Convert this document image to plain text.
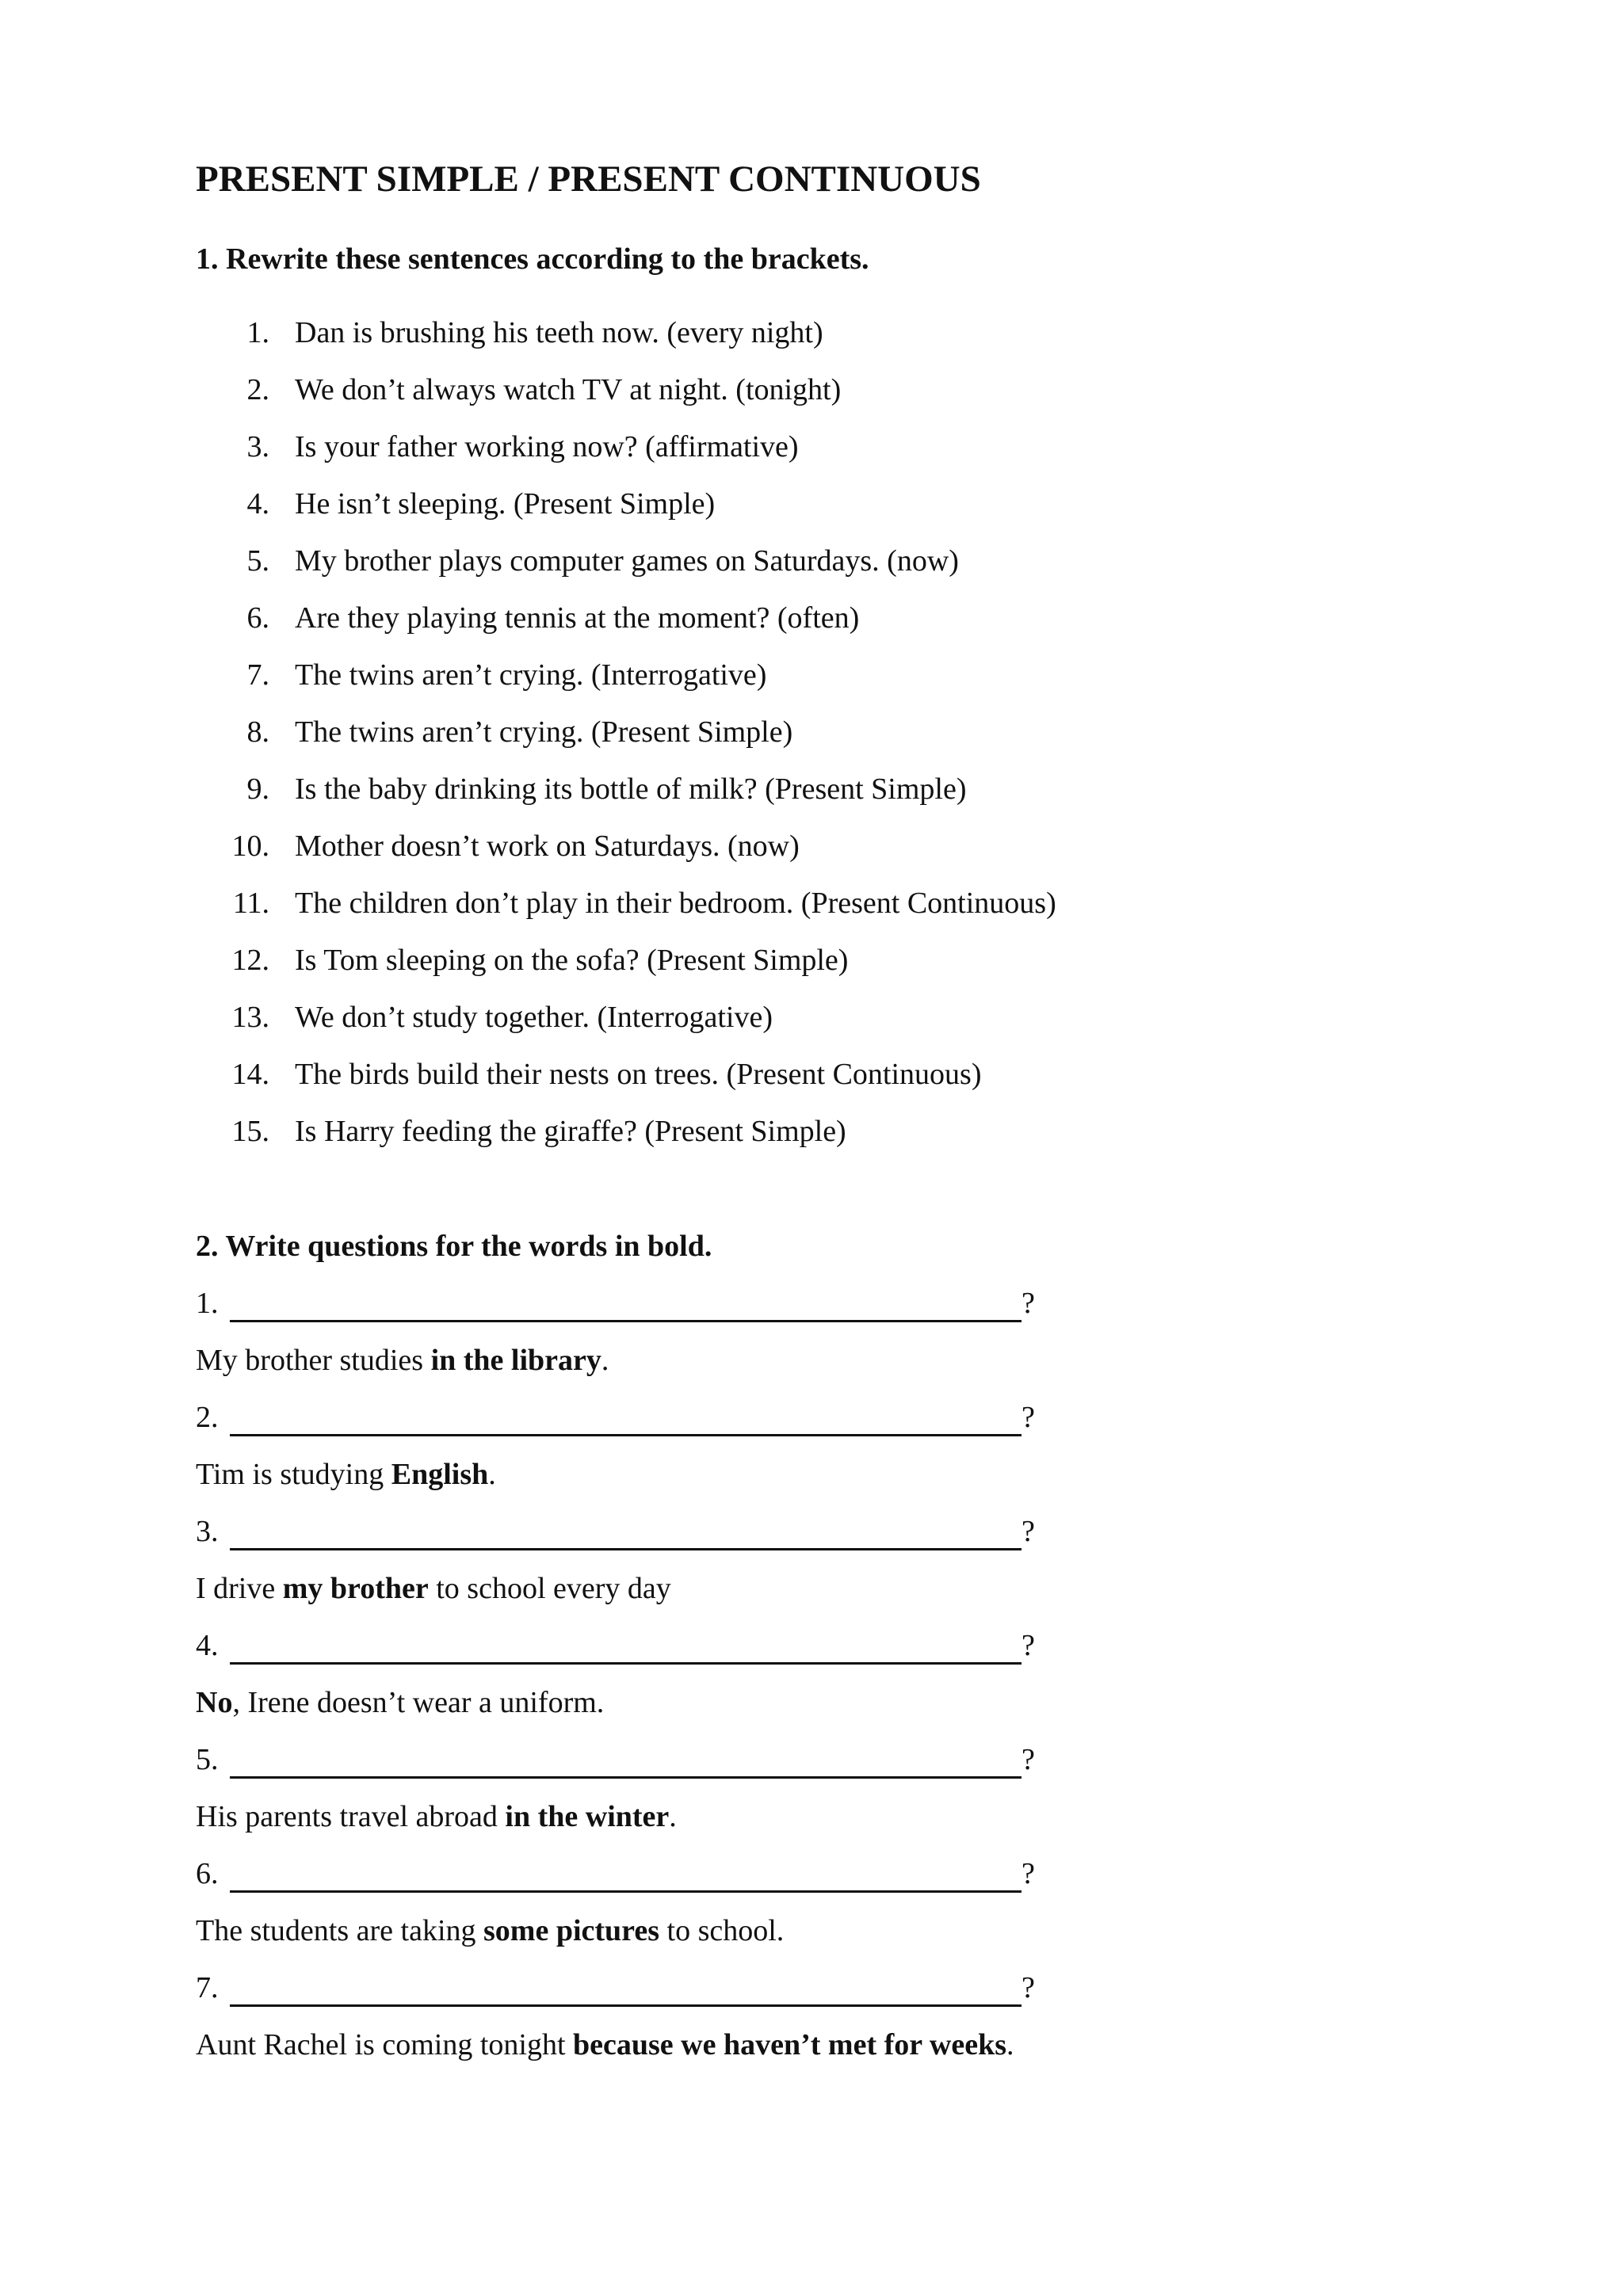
PRESENT SIMPLE / PRESENT CONTINUOUS
1. Rewrite these sentences according to the brackets.
1. Dan is brushing his teeth now. (every night)
2. We don’t always watch TV at night. (tonight)
3. Is your father working now? (affirmative)
4. He isn’t sleeping. (Present Simple)
5. My brother plays computer games on Saturdays. (now)
6. Are they playing tennis at the moment? (often)
7. The twins aren’t crying. (Interrogative)
8. The twins aren’t crying. (Present Simple)
9. Is the baby drinking its bottle of milk? (Present Simple)
10. Mother doesn’t work on Saturdays. (now)
11. The children don’t play in their bedroom. (Present Continuous)
12. Is Tom sleeping on the sofa? (Present Simple)
13. We don’t study together. (Interrogative)
14. The birds build their nests on trees. (Present Continuous)
15. Is Harry feeding the giraffe? (Present Simple)
2. Write questions for the words in bold.
1.	?
My brother studies in the library.
2.	?
Tim is studying English.
3.	?
I drive my brother to school every day
4.	?
No, Irene doesn’t wear a uniform.
5.	?
His parents travel abroad in the winter.
6.	?
The students are taking some pictures to school.
7.	?
Aunt Rachel is coming tonight because we haven’t met for weeks.
